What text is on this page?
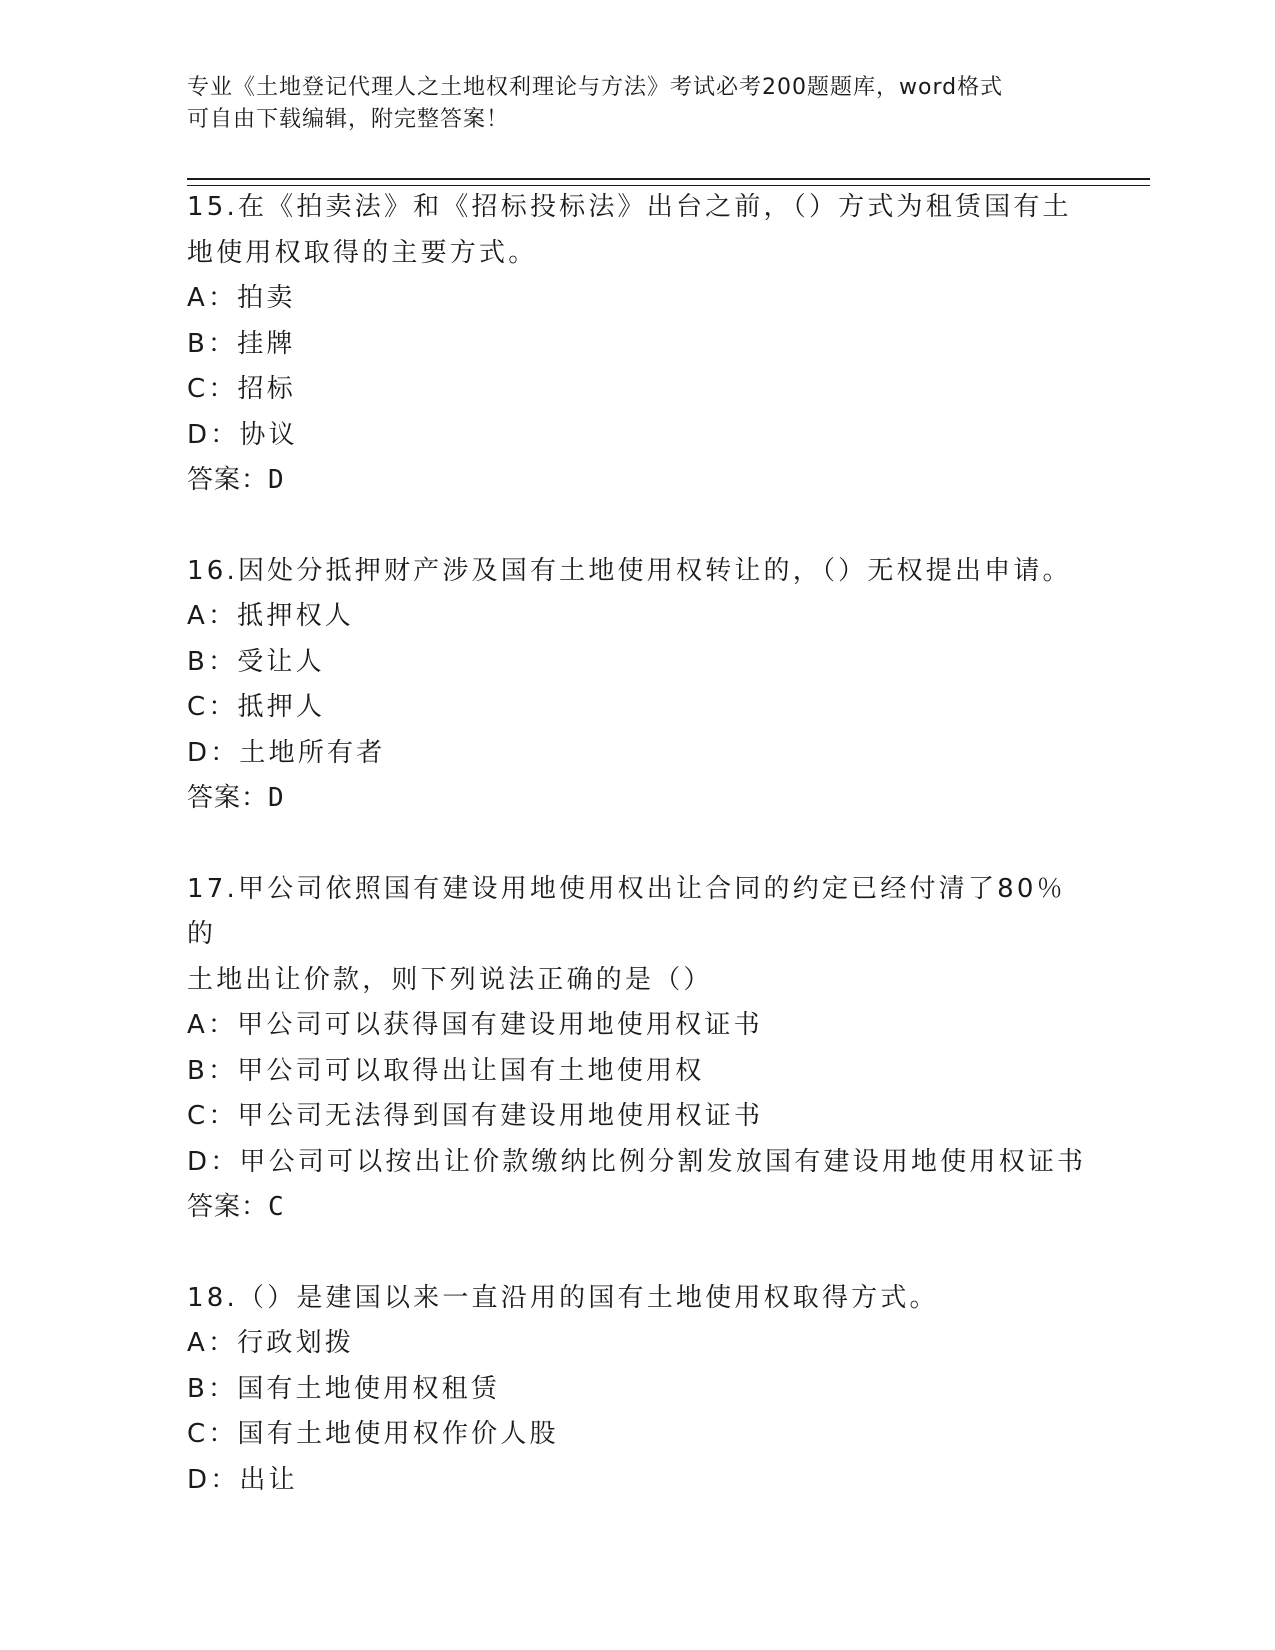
专业《土地登记代理人之土地权利理论与方法》考试必考200题题库，word格式
可自由下载编辑，附完整答案！
15.在《拍卖法》和《招标投标法》出台之前，（）方式为租赁国有土
地使用权取得的主要方式。
A：拍卖
B：挂牌
C：招标
D：协议
答案：D
16.因处分抵押财产涉及国有土地使用权转让的，（）无权提出申请。
A：抵押权人
B：受让人
C：抵押人
D：土地所有者
答案：D
17.甲公司依照国有建设用地使用权出让合同的约定已经付清了80％的
土地出让价款，则下列说法正确的是（）
A：甲公司可以获得国有建设用地使用权证书
B：甲公司可以取得出让国有土地使用权
C：甲公司无法得到国有建设用地使用权证书
D：甲公司可以按出让价款缴纳比例分割发放国有建设用地使用权证书
答案：C
18.（）是建国以来一直沿用的国有土地使用权取得方式。
A：行政划拨
B：国有土地使用权租赁
C：国有土地使用权作价人股
D：出让
